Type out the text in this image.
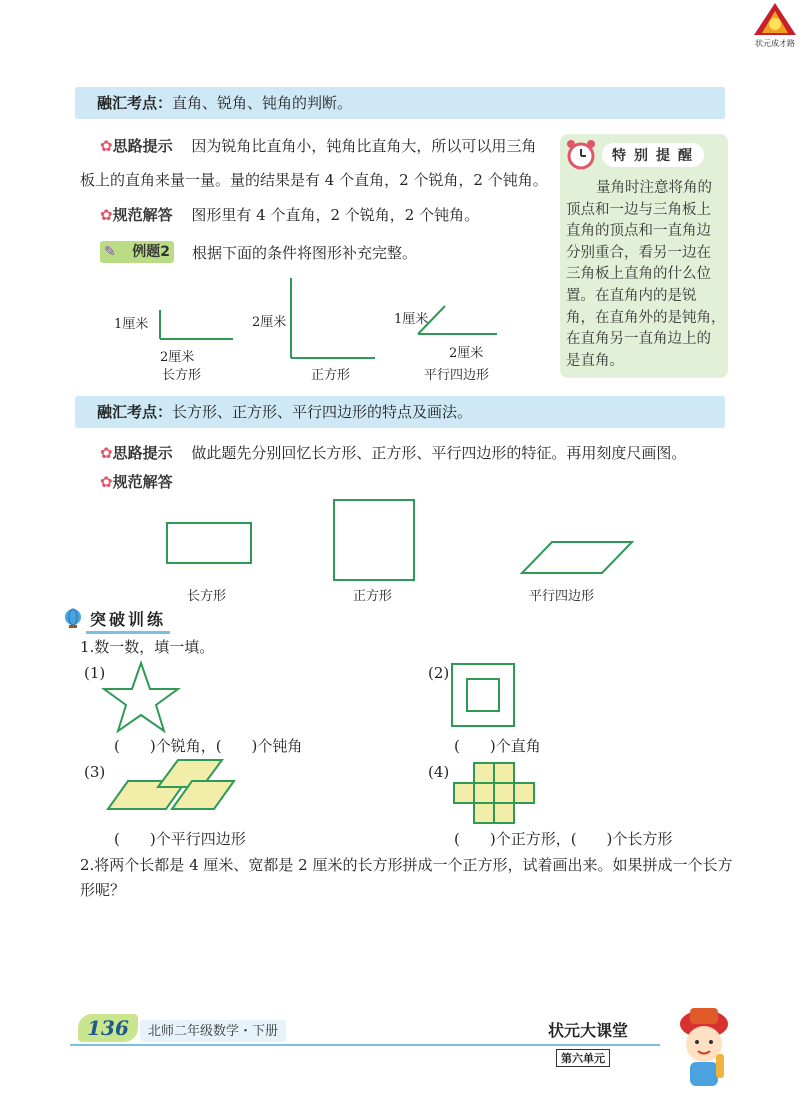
状元成才路
融汇考点：直角、锐角、钝角的判断。
✿思路提示 因为锐角比直角小，钝角比直角大，所以可以用三角
板上的直角来量一量。量的结果是有 4 个直角，2 个锐角，2 个钝角。
✿规范解答 图形里有 4 个直角，2 个锐角，2 个钝角。
特别提醒
量角时注意将角的
顶点和一边与三角板上
直角的顶点和一直角边
分别重合，看另一边在
三角板上直角的什么位
置。在直角内的是锐
角，在直角外的是钝角，
在直角另一直角边上的
是直角。
✎ 例题2 根据下面的条件将图形补充完整。
1厘米
2厘米
长方形
2厘米
正方形
1厘米
2厘米
平行四边形
融汇考点：长方形、正方形、平行四边形的特点及画法。
✿思路提示 做此题先分别回忆长方形、正方形、平行四边形的特征。再用刻度尺画图。
✿规范解答
长方形	正方形	平行四边形
突破训练
1.数一数，填一填。
(1)
(　　)个锐角，(　　)个钝角
(2)
(　　)个直角
(3)
(　　)个平行四边形
(4)
(　　)个正方形，(　　)个长方形
2.将两个长都是 4 厘米、宽都是 2 厘米的长方形拼成一个正方形，试着画出来。如果拼成一个长方
形呢？
136	北师二年级数学・下册	状元大课堂
第六单元
